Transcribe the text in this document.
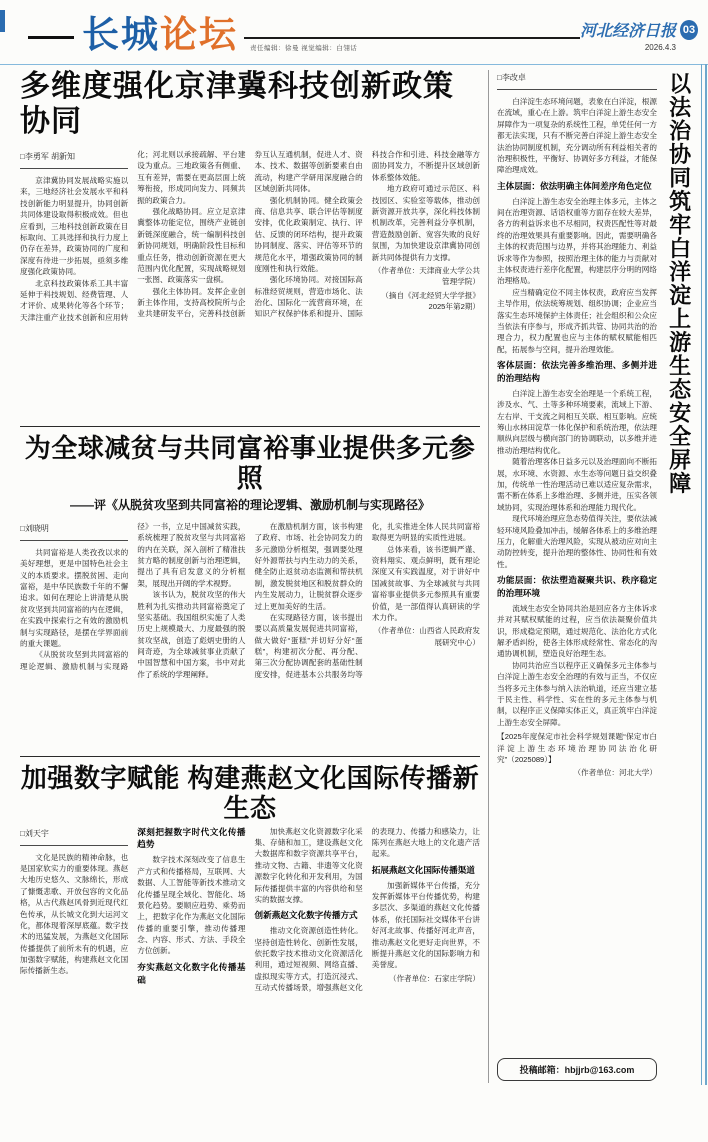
长城论坛 责任编辑：徐曼 视觉编辑：白翎话
河北经济日报 03
2026.4.3
多维度强化京津冀科技创新政策协同

□李勇军 胡新知

京津冀协同发展战略实施以来，三地经济社会发展水平和科技创新能力明显提升，协同创新共同体建设取得积极成效。但也应看到，三地科技创新政策在目标取向、工具选择和执行力度上仍存在差异，政策协同的广度和深度有待进一步拓展，亟须多维度强化政策协同。

北京科技政策体系工具丰富延伸于科技规划、经费管理、人才评价、成果转化等各个环节；天津注重产业技术创新和应用转化；河北则以承接疏解、平台建设为重点。三地政策各有侧重、互有差异，需要在更高层面上统筹衔接，形成同向发力、同频共振的政策合力。

强化战略协同。应立足京津冀整体功能定位，围绕产业链创新链深度融合，统一编制科技创新协同规划，明确阶段性目标和重点任务，推动创新资源在更大范围内优化配置，实现战略规划一张图、政策落实一盘棋。

强化主体协同。发挥企业创新主体作用，支持高校院所与企业共建研发平台，完善科技创新券互认互通机制，促进人才、资本、技术、数据等创新要素自由流动，构建产学研用深度融合的区域创新共同体。

强化机制协同。健全政策会商、信息共享、联合评估等制度安排，优化政策制定、执行、评估、反馈的闭环结构，提升政策协同制度、落实、评估等环节的规范化水平，增强政策协同的制度刚性和执行效能。

强化环境协同。对接国际高标准经贸规则，营造市场化、法治化、国际化一流营商环境，在知识产权保护体系和提升、国际科技合作和引进、科技金融等方面协同发力，不断提升区域创新体系整体效能。

地方政府可通过示范区、科技园区、实验室等载体，推动创新资源开放共享，深化科技体制机制改革，完善利益分享机制，营造鼓励创新、宽容失败的良好氛围，为加快建设京津冀协同创新共同体提供有力支撑。

（作者单位：天津商业大学公共管理学院）

（摘自《河北经贸大学学报》2025年第2期）

为全球减贫与共同富裕事业提供多元参照
——评《从脱贫攻坚到共同富裕的理论逻辑、激励机制与实现路径》

□刘晓明

共同富裕是人类孜孜以求的美好理想，更是中国特色社会主义的本质要求。摆脱贫困、走向富裕，是中华民族数千年的不懈追求。如何在理论上讲清楚从脱贫攻坚到共同富裕的内在逻辑，在实践中探索行之有效的激励机制与实现路径，是摆在学界面前的重大课题。

《从脱贫攻坚到共同富裕的理论逻辑、激励机制与实现路径》一书，立足中国减贫实践，系统梳理了脱贫攻坚与共同富裕的内在关联，深入剖析了精准扶贫方略的制度创新与治理逻辑，提出了具有启发意义的分析框架，展现出开阔的学术视野。

该书认为，脱贫攻坚的伟大胜利为扎实推动共同富裕奠定了坚实基础。我国组织实施了人类历史上规模最大、力度最强的脱贫攻坚战，创造了彪炳史册的人间奇迹，为全球减贫事业贡献了中国智慧和中国方案，书中对此作了系统的学理阐释。

在激励机制方面，该书构建了政府、市场、社会协同发力的多元激励分析框架，强调要处理好外源帮扶与内生动力的关系，健全防止返贫动态监测和帮扶机制，激发脱贫地区和脱贫群众的内生发展动力，让脱贫群众逐步过上更加美好的生活。

在实现路径方面，该书提出要以高质量发展促进共同富裕，做大做好“蛋糕”并切好分好“蛋糕”，构建初次分配、再分配、第三次分配协调配套的基础性制度安排，促进基本公共服务均等化，扎实推进全体人民共同富裕取得更为明显的实质性进展。

总体来看，该书逻辑严谨、资料翔实、观点鲜明，既有理论深度又有实践温度，对于讲好中国减贫故事、为全球减贫与共同富裕事业提供多元参照具有重要价值，是一部值得认真研读的学术力作。

（作者单位：山西省人民政府发展研究中心）

加强数字赋能 构建燕赵文化国际传播新生态

□刘天宇

文化是民族的精神命脉，也是国家软实力的重要体现。燕赵大地历史悠久、文脉绵长，形成了慷慨悲歌、开放包容的文化品格，从古代燕赵风骨到近现代红色传承，从长城文化到大运河文化，都体现着深厚底蕴。数字技术的迅猛发展，为燕赵文化国际传播提供了前所未有的机遇，应加强数字赋能，构建燕赵文化国际传播新生态。

深刻把握数字时代文化传播趋势

数字技术深刻改变了信息生产方式和传播格局，互联网、大数据、人工智能等新技术推动文化传播呈现全域化、智能化、场景化趋势。要顺应趋势、乘势而上，把数字化作为燕赵文化国际传播的重要引擎，推动传播理念、内容、形式、方法、手段全方位创新。

夯实燕赵文化数字化传播基础

加快燕赵文化资源数字化采集、存储和加工，建设燕赵文化大数据库和数字资源共享平台，推动文物、古籍、非遗等文化资源数字化转化和开发利用，为国际传播提供丰富的内容供给和坚实的数据支撑。

创新燕赵文化数字传播方式

推动文化资源创造性转化。坚持创造性转化、创新性发展，依托数字技术推动文化资源活化利用，通过短视频、网络直播、虚拟现实等方式，打造沉浸式、互动式传播场景，增强燕赵文化的表现力、传播力和感染力，让陈列在燕赵大地上的文化遗产活起来。

拓展燕赵文化国际传播渠道

加强新媒体平台传播，充分发挥新媒体平台传播优势，构建多层次、多渠道的燕赵文化传播体系，依托国际社交媒体平台讲好河北故事、传播好河北声音，推动燕赵文化更好走向世界，不断提升燕赵文化的国际影响力和美誉度。

（作者单位：石家庄学院）

□李改卓

白洋淀生态环境问题，表象在白洋淀，根源在流域，重心在上游。筑牢白洋淀上游生态安全屏障作为一项复杂的系统性工程，单凭任何一方都无法实现，只有不断完善白洋淀上游生态安全法治协同制度机制，充分调动所有利益相关者的治理积极性，平衡好、协调好多方利益，才能保障治理成效。

主体层面：依法明确主体间差序角色定位

白洋淀上游生态安全治理主体多元，主体之间在治理资源、话语权重等方面存在较大差异，各方的利益诉求也不尽相同，权责匹配性等对最终的治理效果具有重要影响。因此，需要明确各主体的权责范围与边界，并将其治理能力、利益诉求等作为参照，按照治理主体的能力与贡献对主体权责进行差序化配置，构建层序分明的网络治理格局。

应当精确定位不同主体权责，政府应当发挥主导作用，依法统筹规划、组织协调；企业应当落实生态环境保护主体责任；社会组织和公众应当依法有序参与，形成齐抓共管、协同共治的治理合力，权力配置也应与主体的赋权赋能相匹配，拓展参与空间，提升治理效能。

客体层面：依法完善多维治理、多侧并进的治理结构

白洋淀上游生态安全治理是一个系统工程，涉及水、气、土等多种环境要素，流域上下游、左右岸、干支流之间相互关联、相互影响。应统筹山水林田淀草一体化保护和系统治理，依法理顺纵向层级与横向部门的协调联动，以多维并进推动治理结构优化。

随着治理客体日益多元以及治理面向不断拓展，水环境、水资源、水生态等问题日益交织叠加，传统单一性治理活动已难以适应复杂需求，需不断在体系上多维治理、多侧并进，压实各领域协同，实现治理体系和治理能力现代化。

现代环境治理应急态势值得关注，要依法减轻环境风险叠加冲击，缓解各体系上的多维治理压力，化解重大治理风险，实现从被动应对向主动防控转变，提升治理的整体性、协同性和有效性。

功能层面：依法塑造凝聚共识、秩序稳定的治理环境

流域生态安全协同共治是回应各方主体诉求并对其赋权赋能的过程，应当依法凝聚价值共识，形成稳定预期，通过规范化、法治化方式化解矛盾纠纷，使各主体形成经常性、常态化的沟通协调机制，塑造良好治理生态。

协同共治应当以程序正义确保多元主体参与白洋淀上游生态安全治理的有效与正当，不仅应当将多元主体参与纳入法治轨道，还应当建立基于民主性、科学性、实在性的多元主体参与机制，以程序正义保障实体正义，真正筑牢白洋淀上游生态安全屏障。

【2025年度保定市社会科学规划课题“保定市白洋淀上游生态环境治理协同法治化研究”（2025089）】

（作者单位：河北大学）

投稿邮箱：hbjjrb@163.com
以法治协同筑牢白洋淀上游生态安全屏障
